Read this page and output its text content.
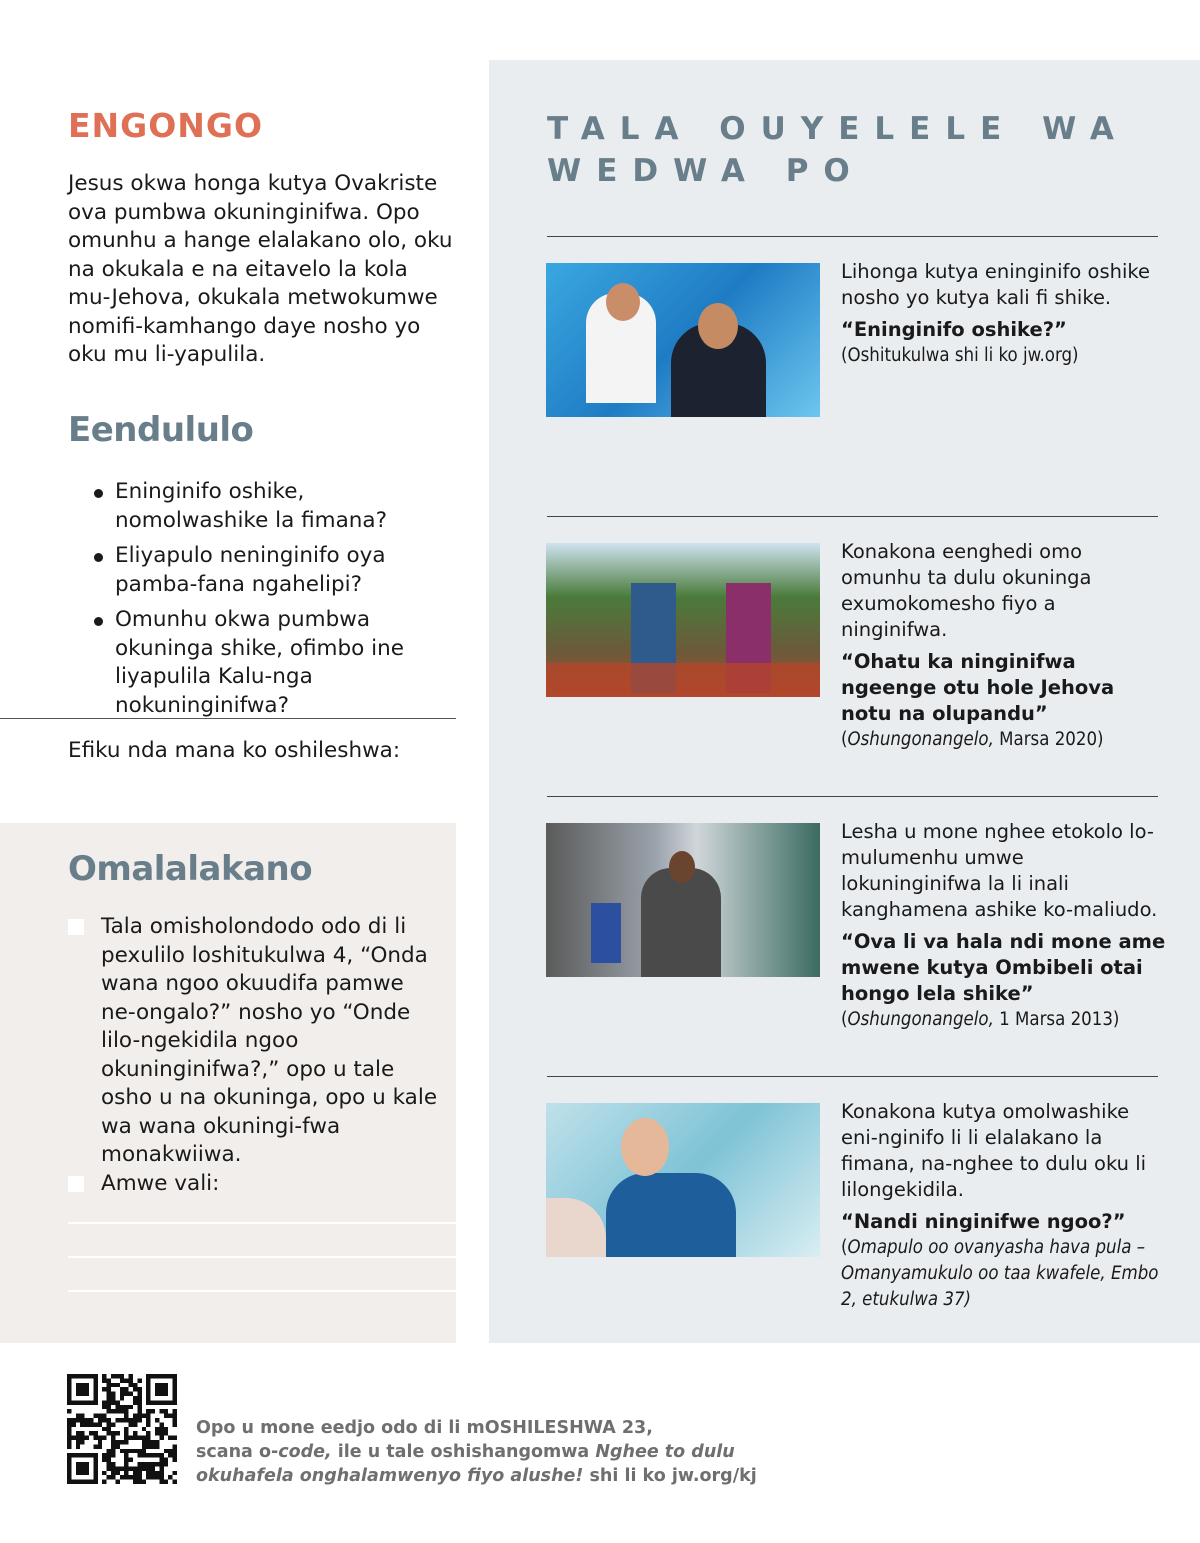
ENGONGO

Jesus okwa honga kutya Ovakriste ova pumbwa okuninginifwa. Opo omunhu a hange elalakano olo, oku na okukala e na eitavelo la kola mu-Jehova, okukala metwokumwe nomifi-kamhango daye nosho yo oku mu li-yapulila.

Eendululo
Eninginifo oshike, nomolwashike la fimana?
Eliyapulo neninginifo oya pamba-fana ngahelipi?
Omunhu okwa pumbwa okuninga shike, ofimbo ine liyapulila Kalu-nga nokuninginifwa?
Efiku nda mana ko oshileshwa:
Omalalakano

Tala omisholondodo odo di li pexulilo loshitukulwa 4, “Onda wana ngoo okuudifa pamwe ne-ongalo?” nosho yo “Onde lilo-ngekidila ngoo okuninginifwa?,” opo u tale osho u na okuninga, opo u kale wa wana okuningi-fwa monakwiiwa.

Amwe vali:

TALA OUYELELE WA WEDWA PO
Lihonga kutya eninginifo oshike nosho yo kutya kali fi shike.
“Eninginifo oshike?”
(Oshitukulwa shi li ko jw.org)
Konakona eenghedi omo omunhu ta dulu okuninga exumokomesho fiyo a ninginifwa.
“Ohatu ka ninginifwa ngeenge otu hole Jehova notu na olupandu”
(Oshungonangelo, Marsa 2020)
Lesha u mone nghee etokolo lo-mulumenhu umwe lokuninginifwa la li inali kanghamena ashike ko-maliudo.
“Ova li va hala ndi mone ame mwene kutya Ombibeli otai hongo lela shike”
(Oshungonangelo, 1 Marsa 2013)
Konakona kutya omolwashike eni-nginifo li li elalakano la fimana, na-nghee to dulu oku li lilongekidila.
“Nandi ninginifwe ngoo?”
(Omapulo oo ovanyasha hava pula – Omanyamukulo oo taa kwafele, Embo 2, etukulwa 37)
Opo u mone eedjo odo di li mOSHILESHWA 23,
scana o-code, ile u tale oshishangomwa Nghee to dulu
okuhafela onghalamwenyo fiyo alushe! shi li ko jw.org/kj
